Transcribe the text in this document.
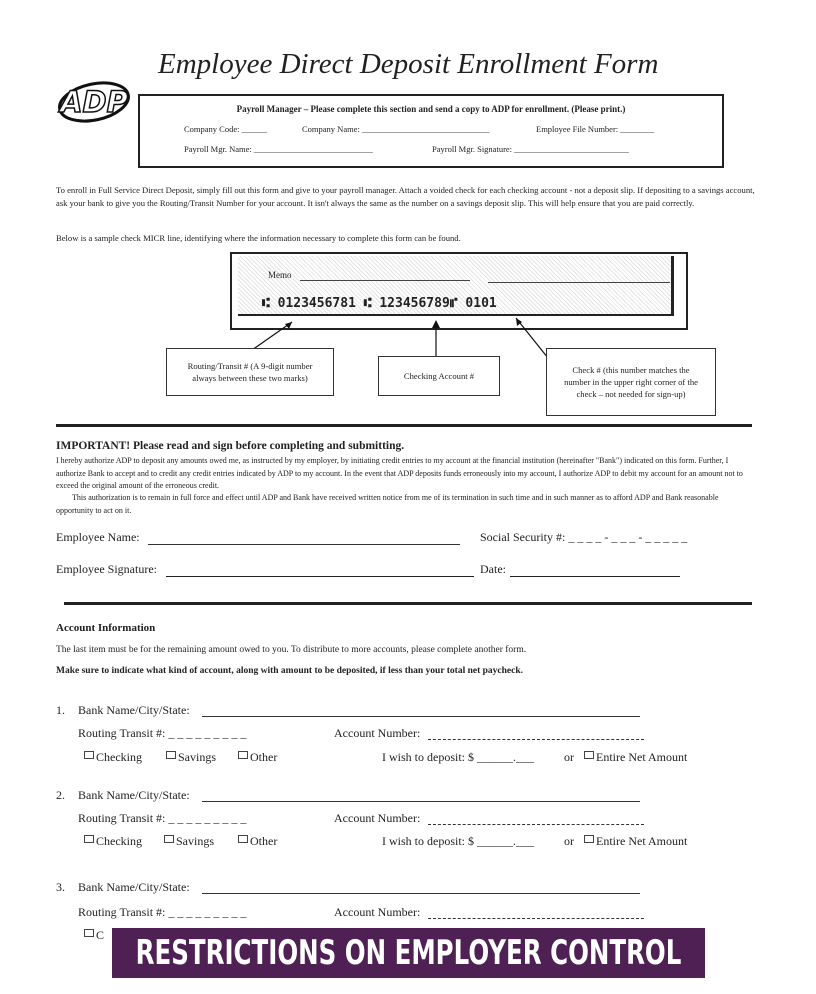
Employee Direct Deposit Enrollment Form
ADP	Payroll Manager – Please complete this section and send a copy to ADP for enrollment. (Please print.)
Company Code: ______	Company Name: ______________________________	Employee File Number: ________
Payroll Mgr. Name: ____________________________	Payroll Mgr. Signature: ___________________________
To enroll in Full Service Direct Deposit, simply fill out this form and give to your payroll manager. Attach a voided check for each checking account - not a deposit slip. If depositing to a savings account, ask your bank to give you the Routing/Transit Number for your account. It isn't always the same as the number on a savings deposit slip. This will help ensure that you are paid correctly.
Below is a sample check MICR line, identifying where the information necessary to complete this form can be found.
Memo
⑆ 0123456781 ⑆ 123456789⑈ 0101
Routing/Transit # (A 9-digit number always between these two marks)	Checking Account #
Check # (this number matches the number in the upper right corner of the check – not needed for sign-up)
IMPORTANT! Please read and sign before completing and submitting.
I hereby authorize ADP to deposit any amounts owed me, as instructed by my employer, by initiating credit entries to my account at the financial institution (hereinafter "Bank") indicated on this form. Further, I authorize Bank to accept and to credit any credit entries indicated by ADP to my account. In the event that ADP deposits funds erroneously into my account, I authorize ADP to debit my account for an amount not to exceed the original amount of the erroneous credit.
This authorization is to remain in full force and effect until ADP and Bank have received written notice from me of its termination in such time and in such manner as to afford ADP and Bank reasonable opportunity to act on it.
Employee Name:	Social Security #: _ _ _ _ - _ _ _ - _ _ _ _ _
Employee Signature:	Date:
Account Information
The last item must be for the remaining amount owed to you. To distribute to more accounts, please complete another form.
Make sure to indicate what kind of account, along with amount to be deposited, if less than your total net paycheck.
1. Bank Name/City/State:
Routing Transit #: _ _ _ _ _ _ _ _ _	Account Number:
Checking	Savings	Other	I wish to deposit: $ ______.___	or	Entire Net Amount
2. Bank Name/City/State:
Routing Transit #: _ _ _ _ _ _ _ _ _	Account Number:
Checking	Savings	Other	I wish to deposit: $ ______.___	or	Entire Net Amount
3. Bank Name/City/State:
Routing Transit #: _ _ _ _ _ _ _ _ _	Account Number:
C RESTRICTIONS ON EMPLOYER CONTROL
